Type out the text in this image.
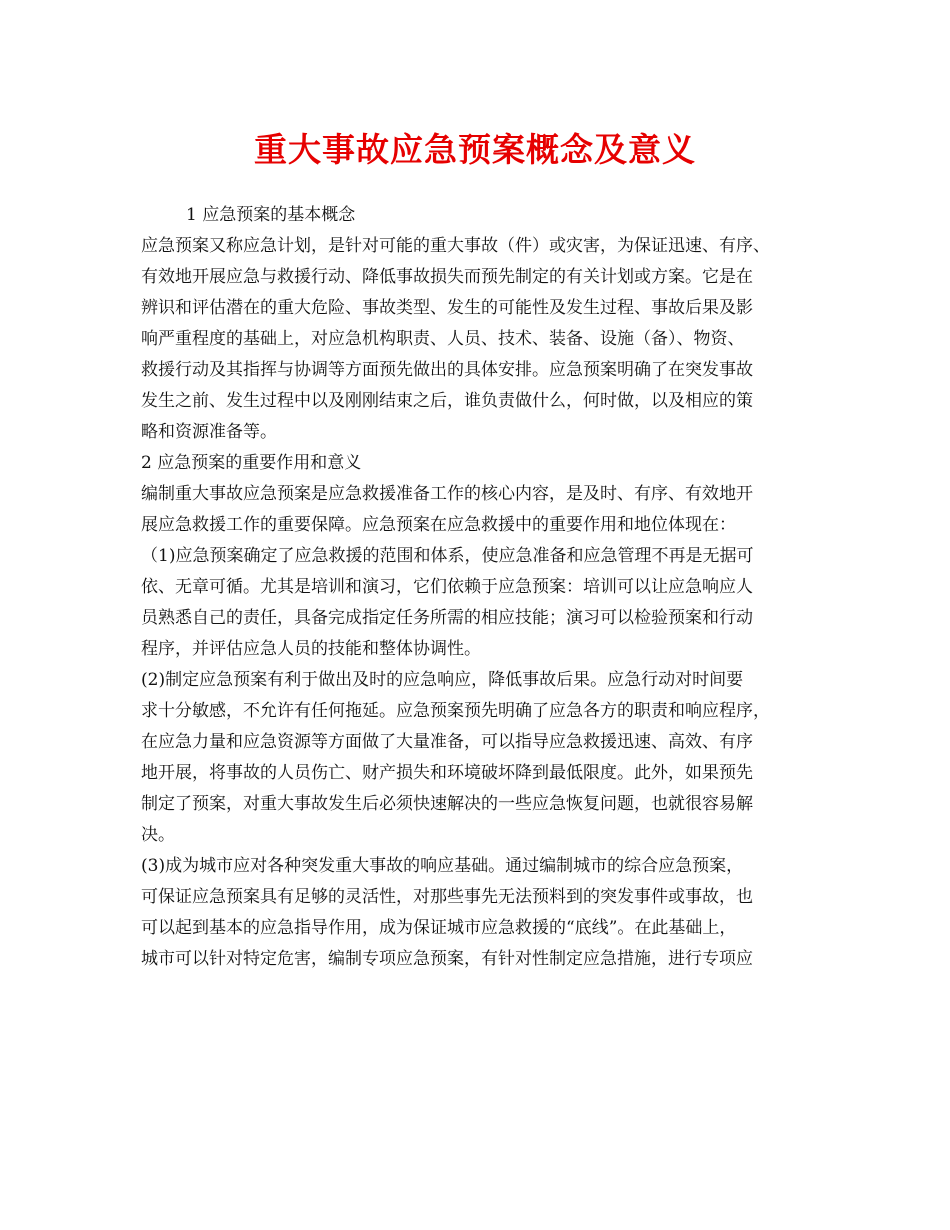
重大事故应急预案概念及意义
1 应急预案的基本概念
应急预案又称应急计划，是针对可能的重大事故（件）或灾害，为保证迅速、有序、
有效地开展应急与救援行动、降低事故损失而预先制定的有关计划或方案。它是在
辨识和评估潜在的重大危险、事故类型、发生的可能性及发生过程、事故后果及影
响严重程度的基础上，对应急机构职责、人员、技术、装备、设施（备）、物资、
救援行动及其指挥与协调等方面预先做出的具体安排。应急预案明确了在突发事故
发生之前、发生过程中以及刚刚结束之后，谁负责做什么，何时做，以及相应的策
略和资源准备等。
2 应急预案的重要作用和意义
编制重大事故应急预案是应急救援准备工作的核心内容，是及时、有序、有效地开
展应急救援工作的重要保障。应急预案在应急救援中的重要作用和地位体现在：
（1)应急预案确定了应急救援的范围和体系，使应急准备和应急管理不再是无据可
依、无章可循。尤其是培训和演习，它们依赖于应急预案：培训可以让应急响应人
员熟悉自己的责任，具备完成指定任务所需的相应技能；演习可以检验预案和行动
程序，并评估应急人员的技能和整体协调性。
(2)制定应急预案有利于做出及时的应急响应，降低事故后果。应急行动对时间要
求十分敏感，不允许有任何拖延。应急预案预先明确了应急各方的职责和响应程序，
在应急力量和应急资源等方面做了大量准备，可以指导应急救援迅速、高效、有序
地开展，将事故的人员伤亡、财产损失和环境破坏降到最低限度。此外，如果预先
制定了预案，对重大事故发生后必须快速解决的一些应急恢复问题，也就很容易解
决。
(3)成为城市应对各种突发重大事故的响应基础。通过编制城市的综合应急预案，
可保证应急预案具有足够的灵活性，对那些事先无法预料到的突发事件或事故，也
可以起到基本的应急指导作用，成为保证城市应急救援的“底线”。在此基础上，
城市可以针对特定危害，编制专项应急预案，有针对性制定应急措施，进行专项应
